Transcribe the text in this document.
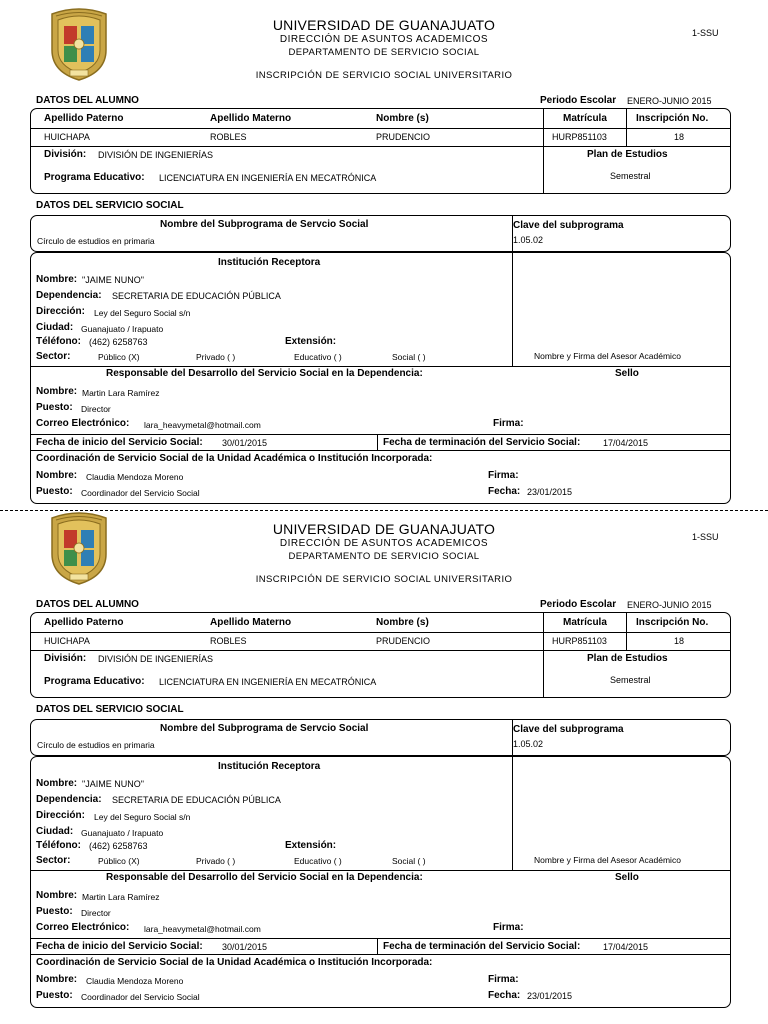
UNIVERSIDAD DE GUANAJUATO
DIRECCIÓN DE ASUNTOS ACADEMICOS
DEPARTAMENTO DE SERVICIO SOCIAL
INSCRIPCIÓN DE SERVICIO SOCIAL UNIVERSITARIO
1-SSU
DATOS DEL ALUMNO	Periodo Escolar ENERO-JUNIO 2015
Apellido Paterno	Apellido Materno	Nombre (s)	Matrícula	Inscripción No.
HUICHAPA	ROBLES	PRUDENCIO	HURP851103	18
División: DIVISIÓN DE INGENIERÍAS	Plan de Estudios
Semestral
Programa Educativo: LICENCIATURA EN INGENIERÍA EN MECATRÓNICA
DATOS DEL SERVICIO SOCIAL
Nombre del Subprograma de Servcio Social
Círculo de estudios en primaria
Clave del subprograma
1.05.02
Institución Receptora
Nombre: "JAIME NUNO"
Dependencia: SECRETARIA DE EDUCACIÓN PÚBLICA
Dirección: Ley del Seguro Social s/n
Ciudad: Guanajuato / Irapuato
Téléfono: (462) 6258763	Extensión:
Sector:	Público (X)	Privado ( )	Educativo ( )	Social ( )	Nombre y Firma del Asesor Académico
Responsable del Desarrollo del Servicio Social en la Dependencia:	Sello
Nombre: Martin Lara Ramírez
Puesto: Director
Correo Electrónico: lara_heavymetal@hotmail.com	Firma:
Fecha de inicio del Servicio Social: 30/01/2015	Fecha de terminación del Servicio Social:	17/04/2015
Coordinación de Servicio Social de la Unidad Académica o Institución Incorporada:
Nombre: Claudia Mendoza Moreno	Firma:
Puesto: Coordinador del Servicio Social	Fecha: 23/01/2015
UNIVERSIDAD DE GUANAJUATO
DIRECCIÓN DE ASUNTOS ACADEMICOS
DEPARTAMENTO DE SERVICIO SOCIAL
INSCRIPCIÓN DE SERVICIO SOCIAL UNIVERSITARIO
1-SSU
DATOS DEL ALUMNO	Periodo Escolar ENERO-JUNIO 2015
Apellido Paterno	Apellido Materno	Nombre (s)	Matrícula	Inscripción No.
HUICHAPA	ROBLES	PRUDENCIO	HURP851103	18
División: DIVISIÓN DE INGENIERÍAS	Plan de Estudios
Semestral
Programa Educativo: LICENCIATURA EN INGENIERÍA EN MECATRÓNICA
DATOS DEL SERVICIO SOCIAL
Nombre del Subprograma de Servcio Social
Círculo de estudios en primaria
Clave del subprograma
1.05.02
Institución Receptora
Nombre: "JAIME NUNO"
Dependencia: SECRETARIA DE EDUCACIÓN PÚBLICA
Dirección: Ley del Seguro Social s/n
Ciudad: Guanajuato / Irapuato
Téléfono: (462) 6258763	Extensión:
Sector:	Público (X)	Privado ( )	Educativo ( )	Social ( )	Nombre y Firma del Asesor Académico
Responsable del Desarrollo del Servicio Social en la Dependencia:	Sello
Nombre: Martin Lara Ramírez
Puesto: Director
Correo Electrónico: lara_heavymetal@hotmail.com	Firma:
Fecha de inicio del Servicio Social: 30/01/2015	Fecha de terminación del Servicio Social:	17/04/2015
Coordinación de Servicio Social de la Unidad Académica o Institución Incorporada:
Nombre: Claudia Mendoza Moreno	Firma:
Puesto: Coordinador del Servicio Social	Fecha: 23/01/2015
